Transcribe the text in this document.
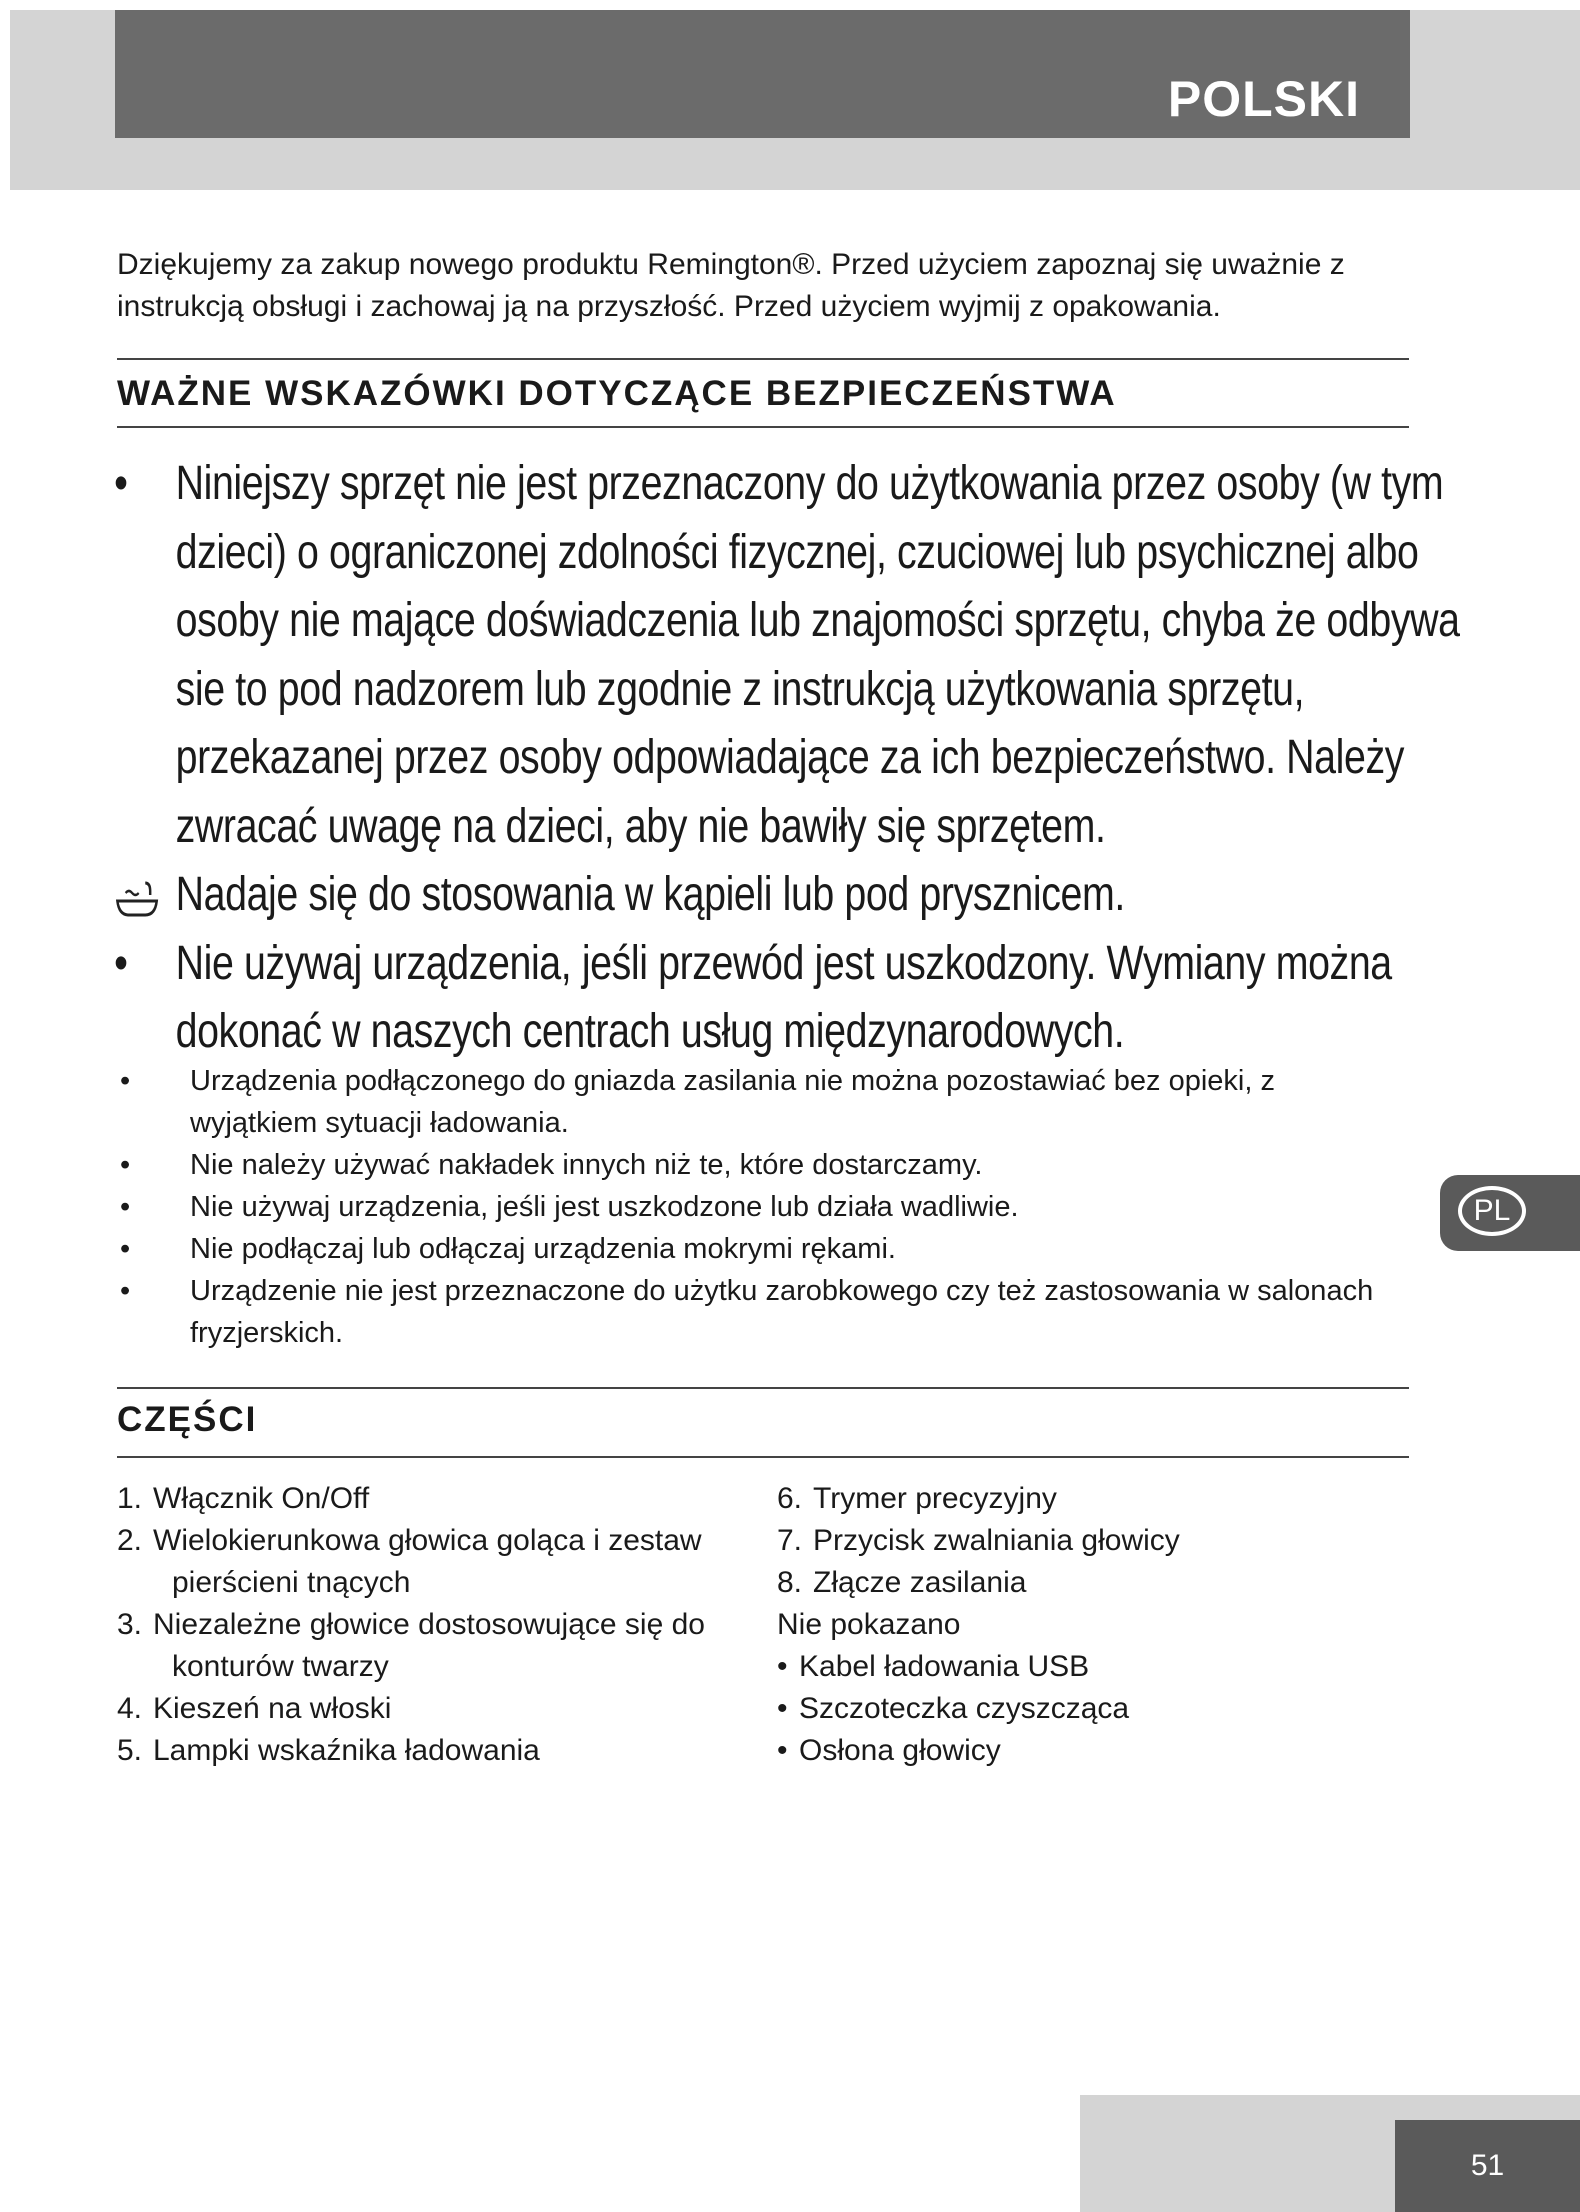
POLSKI

Dziękujemy za zakup nowego produktu Remington®. Przed użyciem zapoznaj się uważnie z instrukcją obsługi i zachowaj ją na przyszłość. Przed użyciem wyjmij z opakowania.

WAŻNE WSKAZÓWKI DOTYCZĄCE BEZPIECZEŃSTWA
•	Niniejszy sprzęt nie jest przeznaczony do użytkowania przez osoby (w tym dzieci) o ograniczonej zdolności fizycznej, czuciowej lub psychicznej albo osoby nie mające doświadczenia lub znajomości sprzętu, chyba że odbywa sie to pod nadzorem lub zgodnie z instrukcją użytkowania sprzętu, przekazanej przez osoby odpowiadające za ich bezpieczeństwo. Należy zwracać uwagę na dzieci, aby nie bawiły się sprzętem.
Nadaje się do stosowania w kąpieli lub pod prysznicem.
•	Nie używaj urządzenia, jeśli przewód jest uszkodzony. Wymiany można dokonać w naszych centrach usług międzynarodowych.
• Urządzenia podłączonego do gniazda zasilania nie można pozostawiać bez opieki, z wyjątkiem sytuacji ładowania.
• Nie należy używać nakładek innych niż te, które dostarczamy.
• Nie używaj urządzenia, jeśli jest uszkodzone lub działa wadliwie.
• Nie podłączaj lub odłączaj urządzenia mokrymi rękami.
• Urządzenie nie jest przeznaczone do użytku zarobkowego czy też zastosowania w salonach fryzjerskich.
CZĘŚCI
1. Włącznik On/Off
2. Wielokierunkowa głowica goląca i zestaw
pierścieni tnących
3. Niezależne głowice dostosowujące się do
konturów twarzy
4. Kieszeń na włoski
5. Lampki wskaźnika ładowania
6. Trymer precyzyjny
7. Przycisk zwalniania głowicy
8. Złącze zasilania
Nie pokazano
• Kabel ładowania USB
• Szczoteczka czyszcząca
• Osłona głowicy
PL
51
